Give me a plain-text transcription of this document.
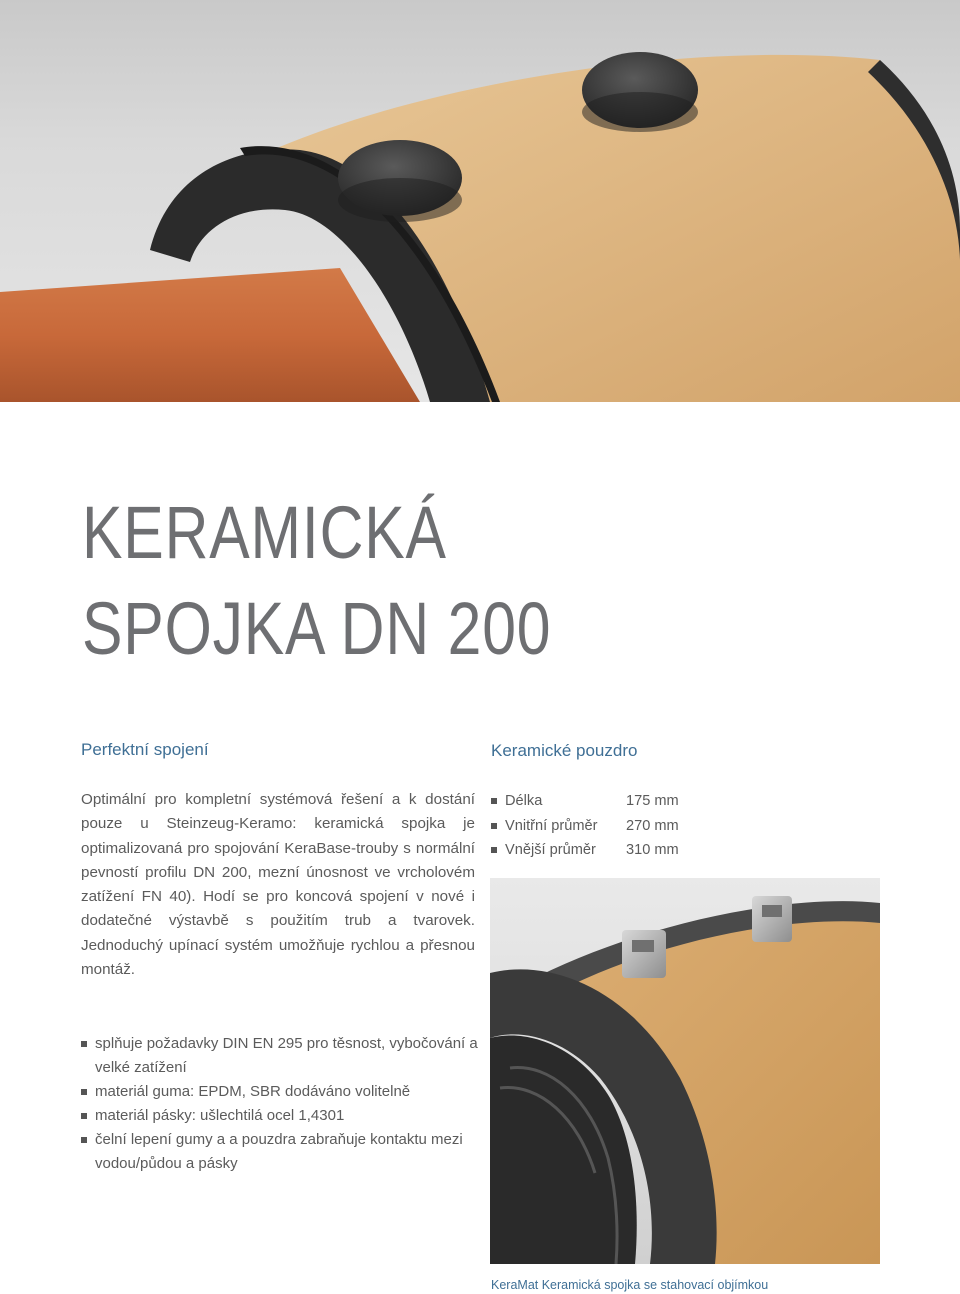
KERAMICKÁ
SPOJKA DN 200
Perfektní spojení

Optimální pro kompletní systémová řešení a k dostání pouze u Steinzeug-Keramo: keramická spojka je optimalizovaná pro spojování KeraBase-trouby s normální pevností profilu DN 200, mezní únosnost ve vrcholovém zatížení FN 40). Hodí se pro koncová spojení v nové i dodatečné výstavbě s použitím trub a tvarovek. Jednoduchý upínací systém umožňuje rychlou a přesnou montáž.

Keramické pouzdro
Délka	175 mm
Vnitřní průměr	270 mm
Vnější průměr	310 mm
splňuje požadavky DIN EN 295 pro těsnost, vybočování a velké zatížení
materiál guma: EPDM, SBR dodáváno volitelně
materiál pásky: ušlechtilá ocel 1,4301
čelní lepení gumy a a pouzdra zabraňuje kontaktu mezi vodou/půdou a pásky

KeraMat Keramická spojka se stahovací objímkou
